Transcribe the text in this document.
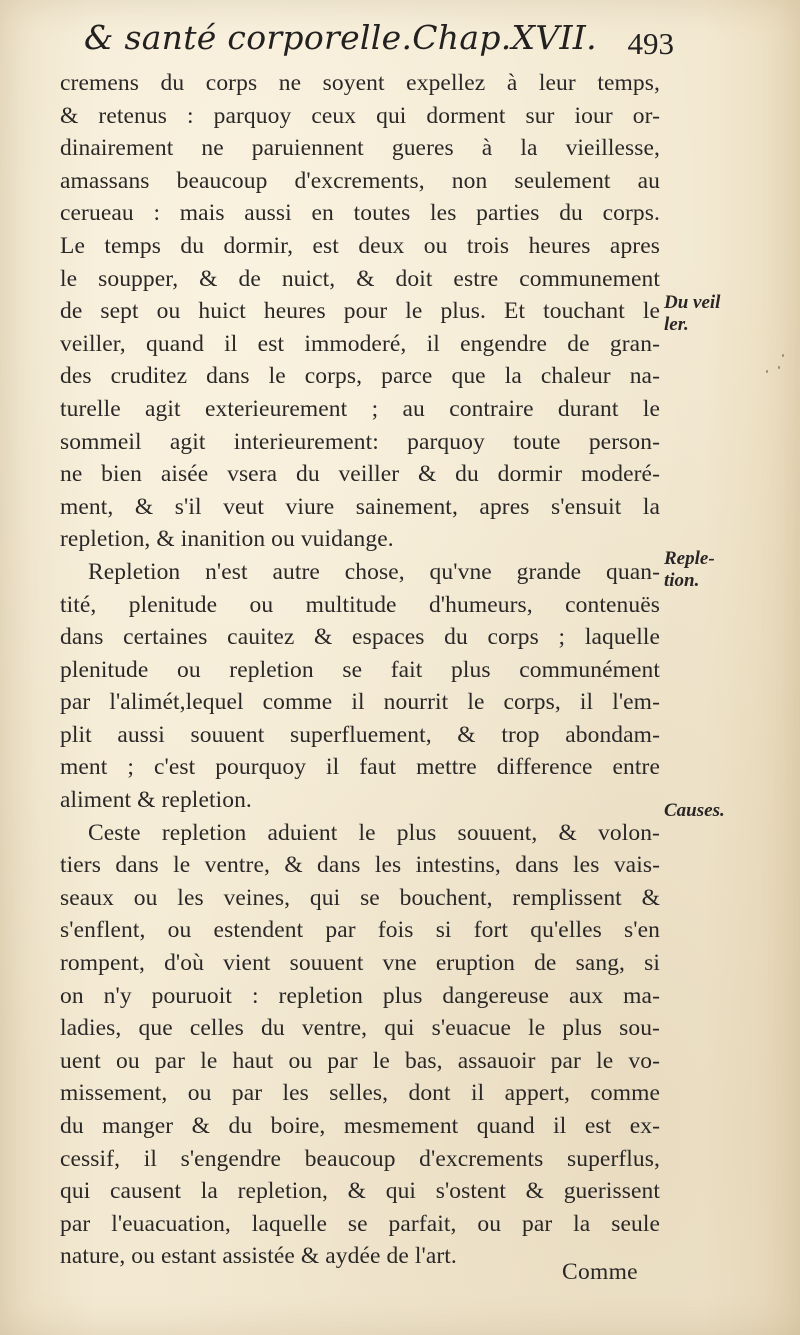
& santé corporelle.Chap.XVII. 493
cremens du corps ne soyent expellez à leur temps,
& retenus : parquoy ceux qui dorment sur iour or-
dinairement ne paruiennent gueres à la vieillesse,
amassans beaucoup d'excrements, non seulement au
cerueau : mais aussi en toutes les parties du corps.
Le temps du dormir, est deux ou trois heures apres
le soupper, & de nuict, & doit estre communement
de sept ou huict heures pour le plus. Et touchant le
veiller, quand il est immoderé, il engendre de gran-
des cruditez dans le corps, parce que la chaleur na-
turelle agit exterieurement ; au contraire durant le
sommeil agit interieurement: parquoy toute person-
ne bien aisée vsera du veiller & du dormir moderé-
ment, & s'il veut viure sainement, apres s'ensuit la
repletion, & inanition ou vuidange.
Repletion n'est autre chose, qu'vne grande quan-
tité, plenitude ou multitude d'humeurs, contenuës
dans certaines cauitez & espaces du corps ; laquelle
plenitude ou repletion se fait plus communément
par l'alimét,lequel comme il nourrit le corps, il l'em-
plit aussi souuent superfluement, & trop abondam-
ment ; c'est pourquoy il faut mettre difference entre
aliment & repletion.
Ceste repletion aduient le plus souuent, & volon-
tiers dans le ventre, & dans les intestins, dans les vais-
seaux ou les veines, qui se bouchent, remplissent &
s'enflent, ou estendent par fois si fort qu'elles s'en
rompent, d'où vient souuent vne eruption de sang, si
on n'y pouruoit : repletion plus dangereuse aux ma-
ladies, que celles du ventre, qui s'euacue le plus sou-
uent ou par le haut ou par le bas, assauoir par le vo-
missement, ou par les selles, dont il appert, comme
du manger & du boire, mesmement quand il est ex-
cessif, il s'engendre beaucoup d'excrements superflus,
qui causent la repletion, & qui s'ostent & guerissent
par l'euacuation, laquelle se parfait, ou par la seule
nature, ou estant assistée & aydée de l'art.
Du veil
ler.
Reple-
tion.
Causes.
Comme
